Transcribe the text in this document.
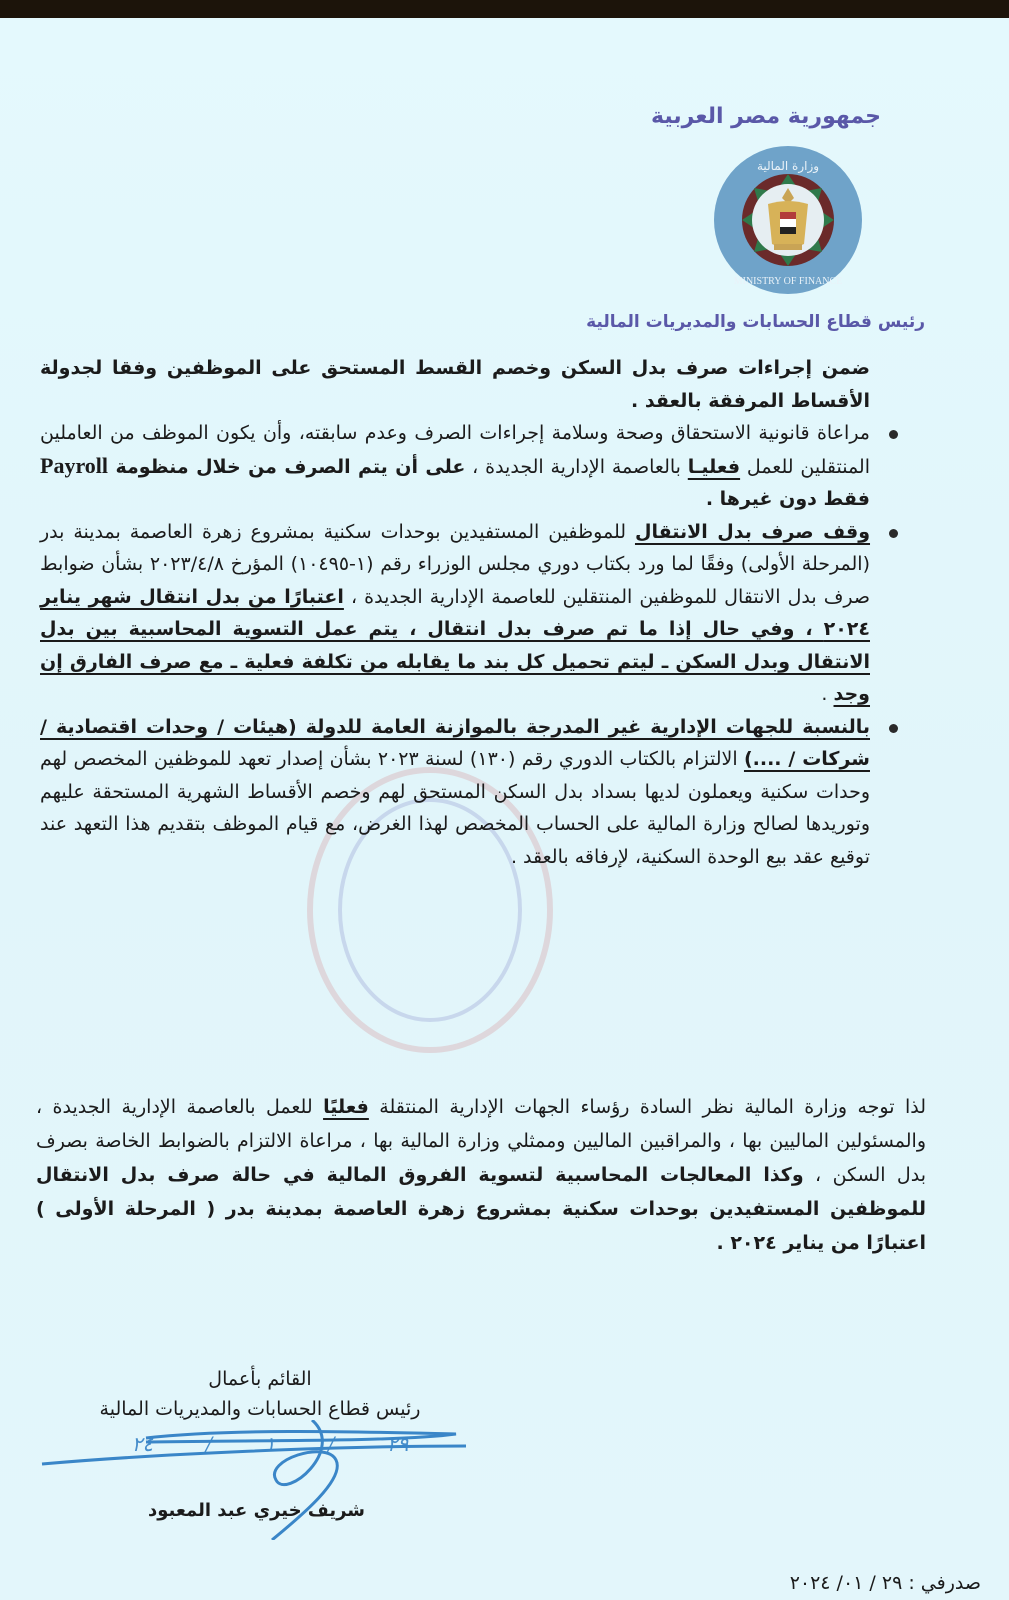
جمهورية مصر العربية
وزارة المالية
MINISTRY OF FINANCE
رئيس قطاع الحسابات والمديريات المالية

ضمن إجراءات صرف بدل السكن وخصم القسط المستحق على الموظفين وفقا لجدولة الأقساط المرفقة بالعقد .

مراعاة قانونية الاستحقاق وصحة وسلامة إجراءات الصرف وعدم سابقته، وأن يكون الموظف من العاملين المنتقلين للعمل فعليـا بالعاصمة الإدارية الجديدة ، على أن يتم الصرف من خلال منظومة Payroll فقط دون غيرها .

وقف صرف بدل الانتقال للموظفين المستفيدين بوحدات سكنية بمشروع زهرة العاصمة بمدينة بدر (المرحلة الأولى) وفقًا لما ورد بكتاب دوري مجلس الوزراء رقم (١-١٠٤٩٥) المؤرخ ٢٠٢٣/٤/٨ بشأن ضوابط صرف بدل الانتقال للموظفين المنتقلين للعاصمة الإدارية الجديدة ، اعتبارًا من بدل انتقال شهر يناير ٢٠٢٤ ، وفي حال إذا ما تم صرف بدل انتقال ، يتم عمل التسوية المحاسبية بين بدل الانتقال وبدل السكن ـ ليتم تحميل كل بند ما يقابله من تكلفة فعلية ـ مع صرف الفارق إن وجد .

بالنسبة للجهات الإدارية غير المدرجة بالموازنة العامة للدولة (هيئات / وحدات اقتصادية / شركات / ....) الالتزام بالكتاب الدوري رقم (١٣٠) لسنة ٢٠٢٣ بشأن إصدار تعهد للموظفين المخصص لهم وحدات سكنية ويعملون لديها بسداد بدل السكن المستحق لهم وخصم الأقساط الشهرية المستحقة عليهم وتوريدها لصالح وزارة المالية على الحساب المخصص لهذا الغرض، مع قيام الموظف بتقديم هذا التعهد عند توقيع عقد بيع الوحدة السكنية، لإرفاقه بالعقد .

لذا توجه وزارة المالية نظر السادة رؤساء الجهات الإدارية المنتقلة فعليًا للعمل بالعاصمة الإدارية الجديدة ، والمسئولين الماليين بها ، والمراقبين الماليين وممثلي وزارة المالية بها ، مراعاة الالتزام بالضوابط الخاصة بصرف بدل السكن ، وكذا المعالجات المحاسبية لتسوية الفروق المالية في حالة صرف بدل الانتقال للموظفين المستفيدين بوحدات سكنية بمشروع زهرة العاصمة بمدينة بدر ( المرحلة الأولى ) اعتبارًا من يناير ٢٠٢٤ .
القائم بأعمال
رئيس قطاع الحسابات والمديريات المالية
٢٩ / ١ / ٢٤
شريف خيري عبد المعبود
صدرفي : ٢٩ / ٠١/ ٢٠٢٤
